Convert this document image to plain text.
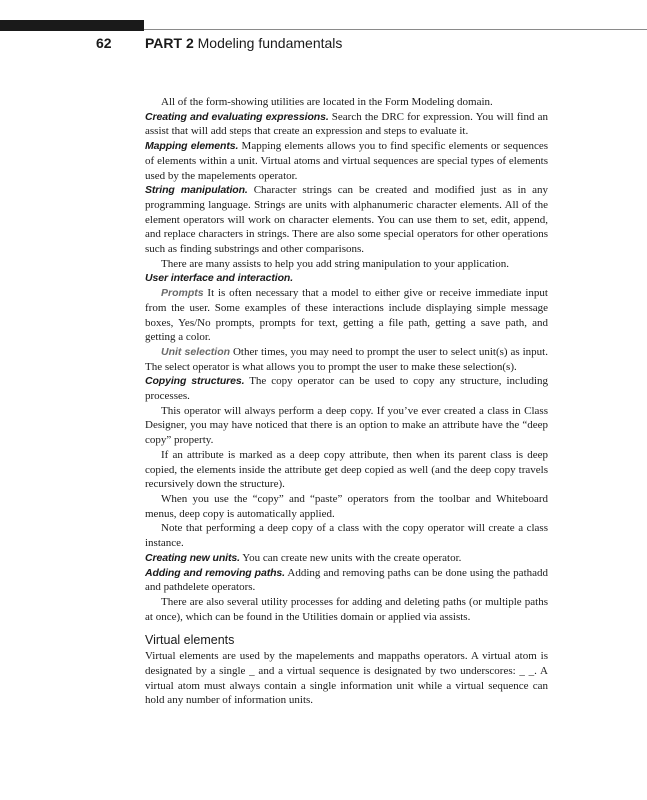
62 PART 2 Modeling fundamentals

All of the form-showing utilities are located in the Form Modeling domain.

Creating and evaluating expressions. Search the DRC for expression. You will find an assist that will add steps that create an expression and steps to evaluate it.

Mapping elements. Mapping elements allows you to find specific elements or sequences of elements within a unit. Virtual atoms and virtual sequences are special types of elements used by the mapelements operator.

String manipulation. Character strings can be created and modified just as in any programming language. Strings are units with alphanumeric character elements. All of the element operators will work on character elements. You can use them to set, edit, append, and replace characters in strings. There are also some special operators for other operations such as finding substrings and other comparisons.

There are many assists to help you add string manipulation to your application.

User interface and interaction.

Prompts It is often necessary that a model to either give or receive immediate input from the user. Some examples of these interactions include displaying simple message boxes, Yes/No prompts, prompts for text, getting a file path, getting a save path, and getting a color.

Unit selection Other times, you may need to prompt the user to select unit(s) as input. The select operator is what allows you to prompt the user to make these selection(s).

Copying structures. The copy operator can be used to copy any structure, including processes.

This operator will always perform a deep copy. If you’ve ever created a class in Class Designer, you may have noticed that there is an option to make an attribute have the “deep copy” property.

If an attribute is marked as a deep copy attribute, then when its parent class is deep copied, the elements inside the attribute get deep copied as well (and the deep copy travels recursively down the structure).

When you use the “copy” and “paste” operators from the toolbar and Whiteboard menus, deep copy is automatically applied.

Note that performing a deep copy of a class with the copy operator will create a class instance.

Creating new units. You can create new units with the create operator.

Adding and removing paths. Adding and removing paths can be done using the pathadd and pathdelete operators.

There are also several utility processes for adding and deleting paths (or multiple paths at once), which can be found in the Utilities domain or applied via assists.

Virtual elements

Virtual elements are used by the mapelements and mappaths operators. A virtual atom is designated by a single _ and a virtual sequence is designated by two underscores: _ _. A virtual atom must always contain a single information unit while a virtual sequence can hold any number of information units.
